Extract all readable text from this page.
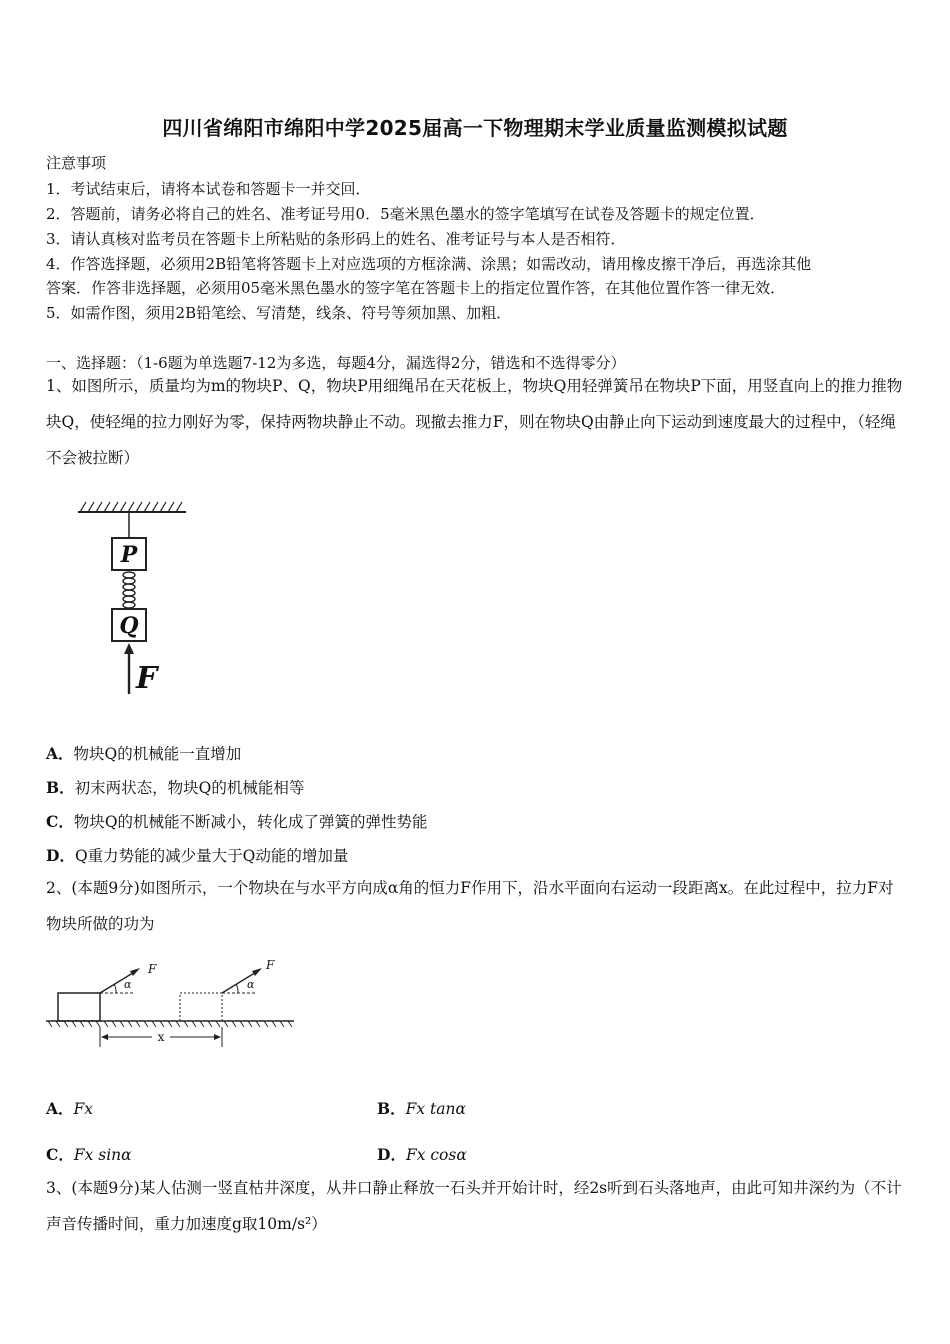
四川省绵阳市绵阳中学2025届高一下物理期末学业质量监测模拟试题
注意事项
1．考试结束后，请将本试卷和答题卡一并交回．
2．答题前，请务必将自己的姓名、准考证号用0．5毫米黑色墨水的签字笔填写在试卷及答题卡的规定位置．
3．请认真核对监考员在答题卡上所粘贴的条形码上的姓名、准考证号与本人是否相符．
4．作答选择题，必须用2B铅笔将答题卡上对应选项的方框涂满、涂黑；如需改动，请用橡皮擦干净后，再选涂其他
答案．作答非选择题，必须用05毫米黑色墨水的签字笔在答题卡上的指定位置作答，在其他位置作答一律无效．
5．如需作图，须用2B铅笔绘、写清楚，线条、符号等须加黑、加粗．
一、选择题：（1-6题为单选题7-12为多选，每题4分，漏选得2分，错选和不选得零分）
1、如图所示，质量均为m的物块P、Q，物块P用细绳吊在天花板上，物块Q用轻弹簧吊在物块P下面，用竖直向上的推力推物块Q，使轻绳的拉力刚好为零，保持两物块静止不动。现撤去推力F，则在物块Q由静止向下运动到速度最大的过程中，（轻绳不会被拉断）
P
Q
F
A．物块Q的机械能一直增加
B．初末两状态，物块Q的机械能相等
C．物块Q的机械能不断减小，转化成了弹簧的弹性势能
D．Q重力势能的减少量大于Q动能的增加量
2、(本题9分)如图所示，一个物块在与水平方向成α角的恒力F作用下，沿水平面向右运动一段距离x。在此过程中，拉力F对物块所做的功为
α
F
α
F
x
A．Fx	B．Fx tanα
C．Fx sinα	D．Fx cosα
3、(本题9分)某人估测一竖直枯井深度，从井口静止释放一石头并开始计时，经2s听到石头落地声，由此可知井深约为（不计声音传播时间，重力加速度g取10m/s²）
